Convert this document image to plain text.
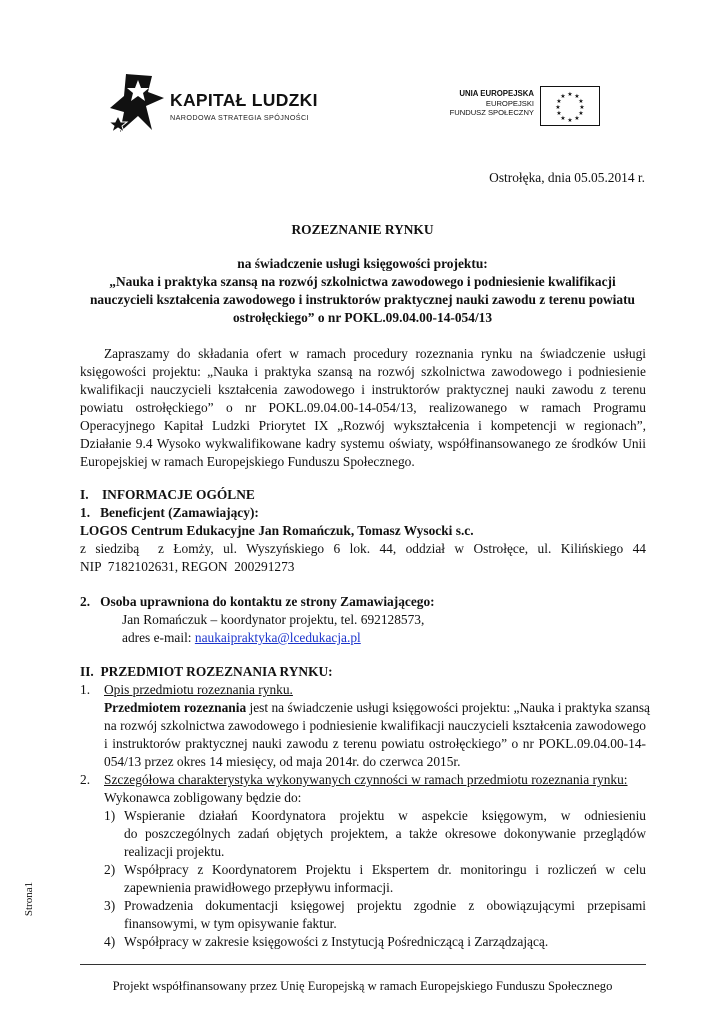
KAPITAŁ LUDZKI
NARODOWA STRATEGIA SPÓJNOŚCI
UNIA EUROPEJSKA
EUROPEJSKI
FUNDUSZ SPOŁECZNY
★ ★
★
★
★
★
★
★
★
★
★
★
Ostrołęka, dnia 05.05.2014 r.
ROZEZNANIE RYNKU
na świadczenie usługi księgowości projektu:
„Nauka i praktyka szansą na rozwój szkolnictwa zawodowego i podniesienie kwalifikacji
nauczycieli kształcenia zawodowego i instruktorów praktycznej nauki zawodu z terenu powiatu
ostrołęckiego” o nr POKL.09.04.00-14-054/13
Zapraszamy do składania ofert w ramach procedury rozeznania rynku na świadczenie usługi
księgowości projektu: „Nauka i praktyka szansą na rozwój szkolnictwa zawodowego i podniesienie
kwalifikacji nauczycieli kształcenia zawodowego i instruktorów praktycznej nauki zawodu z terenu
powiatu ostrołęckiego” o nr POKL.09.04.00-14-054/13, realizowanego w ramach Programu
Operacyjnego Kapitał Ludzki Priorytet IX „Rozwój wykształcenia i kompetencji w regionach”,
Działanie 9.4 Wysoko wykwalifikowane kadry systemu oświaty, współfinansowanego ze środków Unii
Europejskiej w ramach Europejskiego Funduszu Społecznego.
I.    INFORMACJE OGÓLNE
1.   Beneficjent (Zamawiający):
LOGOS Centrum Edukacyjne Jan Romańczuk, Tomasz Wysocki s.c.
z siedzibą  z Łomży, ul. Wyszyńskiego 6 lok. 44, oddział w Ostrołęce, ul. Kilińskiego 44
NIP  7182102631, REGON  200291273
2.   Osoba uprawniona do kontaktu ze strony Zamawiającego:
Jan Romańczuk – koordynator projektu, tel. 692128573,
adres e-mail: naukaipraktyka@lcedukacja.pl
II.  PRZEDMIOT ROZEZNANIA RYNKU:
1. Opis przedmiotu rozeznania rynku.
Przedmiotem rozeznania jest na świadczenie usługi księgowości projektu: „Nauka i praktyka szansą
na rozwój szkolnictwa zawodowego i podniesienie kwalifikacji nauczycieli kształcenia zawodowego
i instruktorów praktycznej nauki zawodu z terenu powiatu ostrołęckiego” o nr POKL.09.04.00-14-
054/13 przez okres 14 miesięcy, od maja 2014r. do czerwca 2015r.
2. Szczegółowa charakterystyka wykonywanych czynności w ramach przedmiotu rozeznania rynku:
Wykonawca zobligowany będzie do:
1) Wspieranie działań Koordynatora projektu w aspekcie księgowym, w odniesieniu
do poszczególnych zadań objętych projektem, a także okresowe dokonywanie przeglądów
realizacji projektu.
2) Współpracy z Koordynatorem Projektu i Ekspertem dr. monitoringu i rozliczeń w celu
zapewnienia prawidłowego przepływu informacji.
3) Prowadzenia dokumentacji księgowej projektu zgodnie z obowiązującymi przepisami
finansowymi, w tym opisywanie faktur.
4) Współpracy w zakresie księgowości z Instytucją Pośredniczącą i Zarządzającą.
Strona1
Projekt współfinansowany przez Unię Europejską w ramach Europejskiego Funduszu Społecznego
